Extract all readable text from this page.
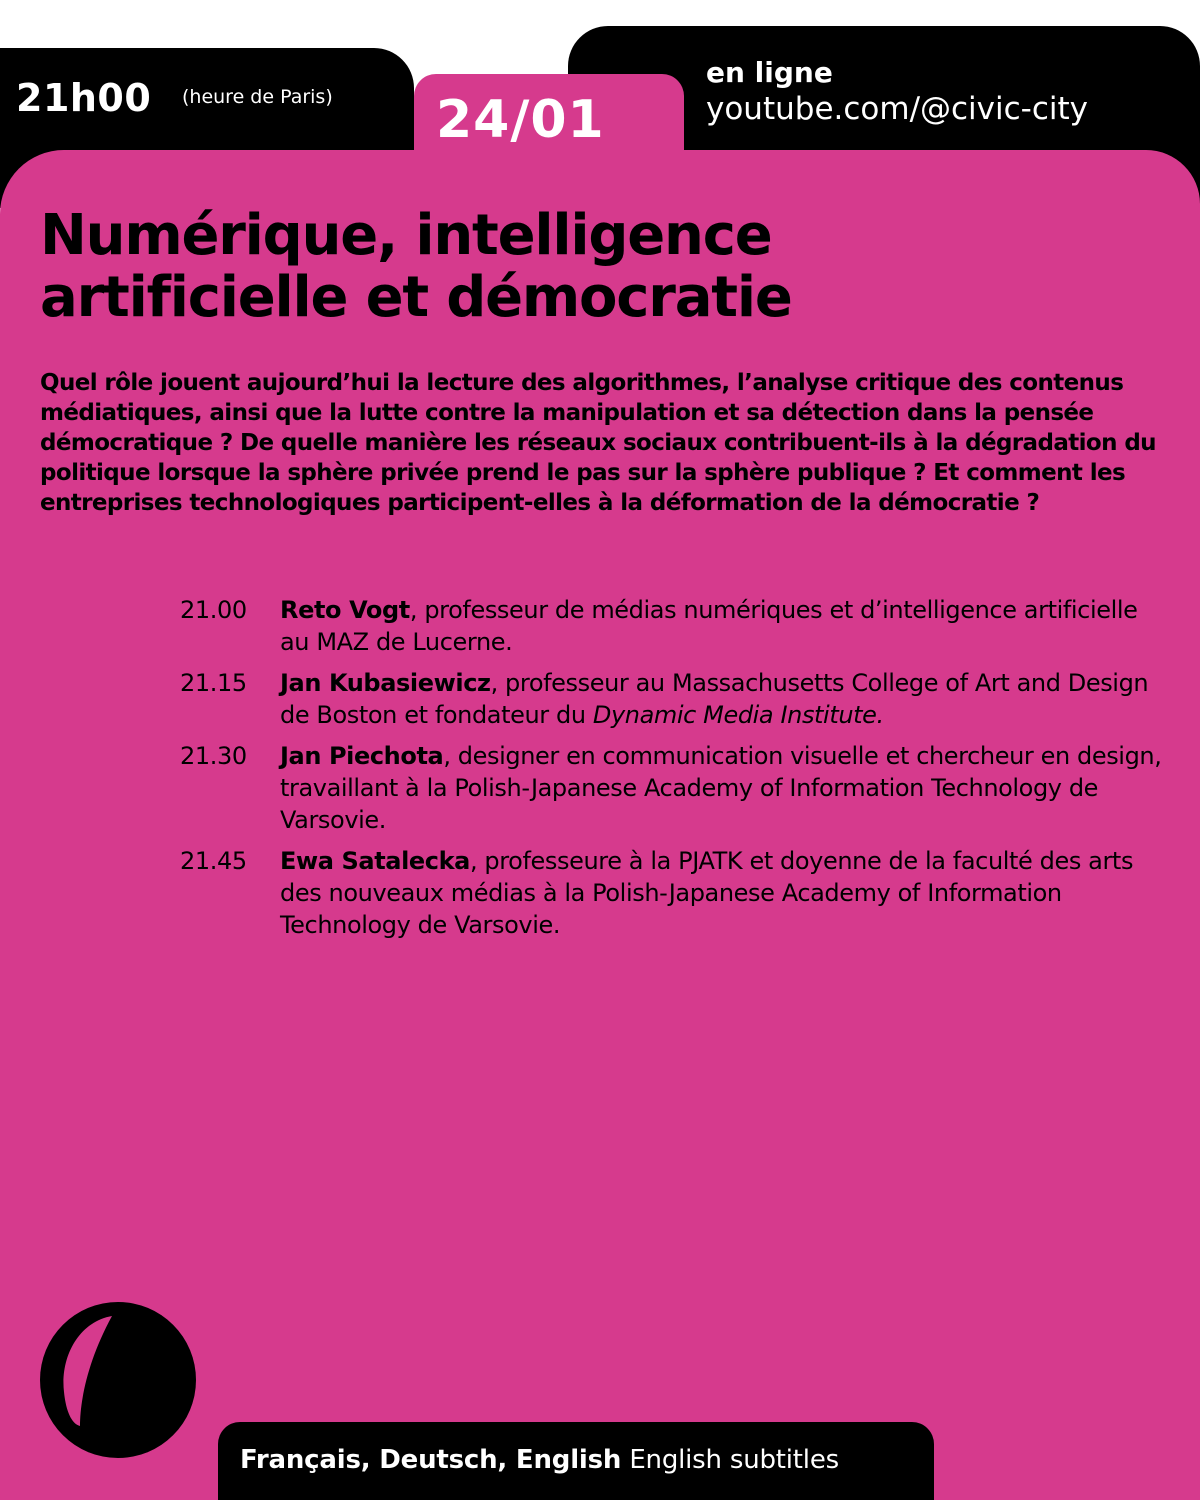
21h00 (heure de Paris) 24/01
en ligne
youtube.com/@civic-city
Numérique, intelligence
artificielle et démocratie

Quel rôle jouent aujourd’hui la lecture des algorithmes, l’analyse critique des contenus médiatiques, ainsi que la lutte contre la manipulation et sa détection dans la pensée démocratique ? De quelle manière les réseaux sociaux contribuent-ils à la dégradation du politique lorsque la sphère privée prend le pas sur la sphère publique ? Et comment les entreprises technologiques participent-elles à la déformation de la démocratie ?

21.00	Reto Vogt, professeur de médias numériques et d’intelligence artificielle au MAZ de Lucerne.
21.15	Jan Kubasiewicz, professeur au Massachusetts College of Art and Design de Boston et fondateur du Dynamic Media Institute.
21.30	Jan Piechota, designer en communication visuelle et chercheur en design, travaillant à la Polish-Japanese Academy of Information Technology de Varsovie.
21.45	Ewa Satalecka, professeure à la PJATK et doyenne de la faculté des arts des nouveaux médias à la Polish-Japanese Academy of Information Technology de Varsovie.
Français, Deutsch, English English subtitles
